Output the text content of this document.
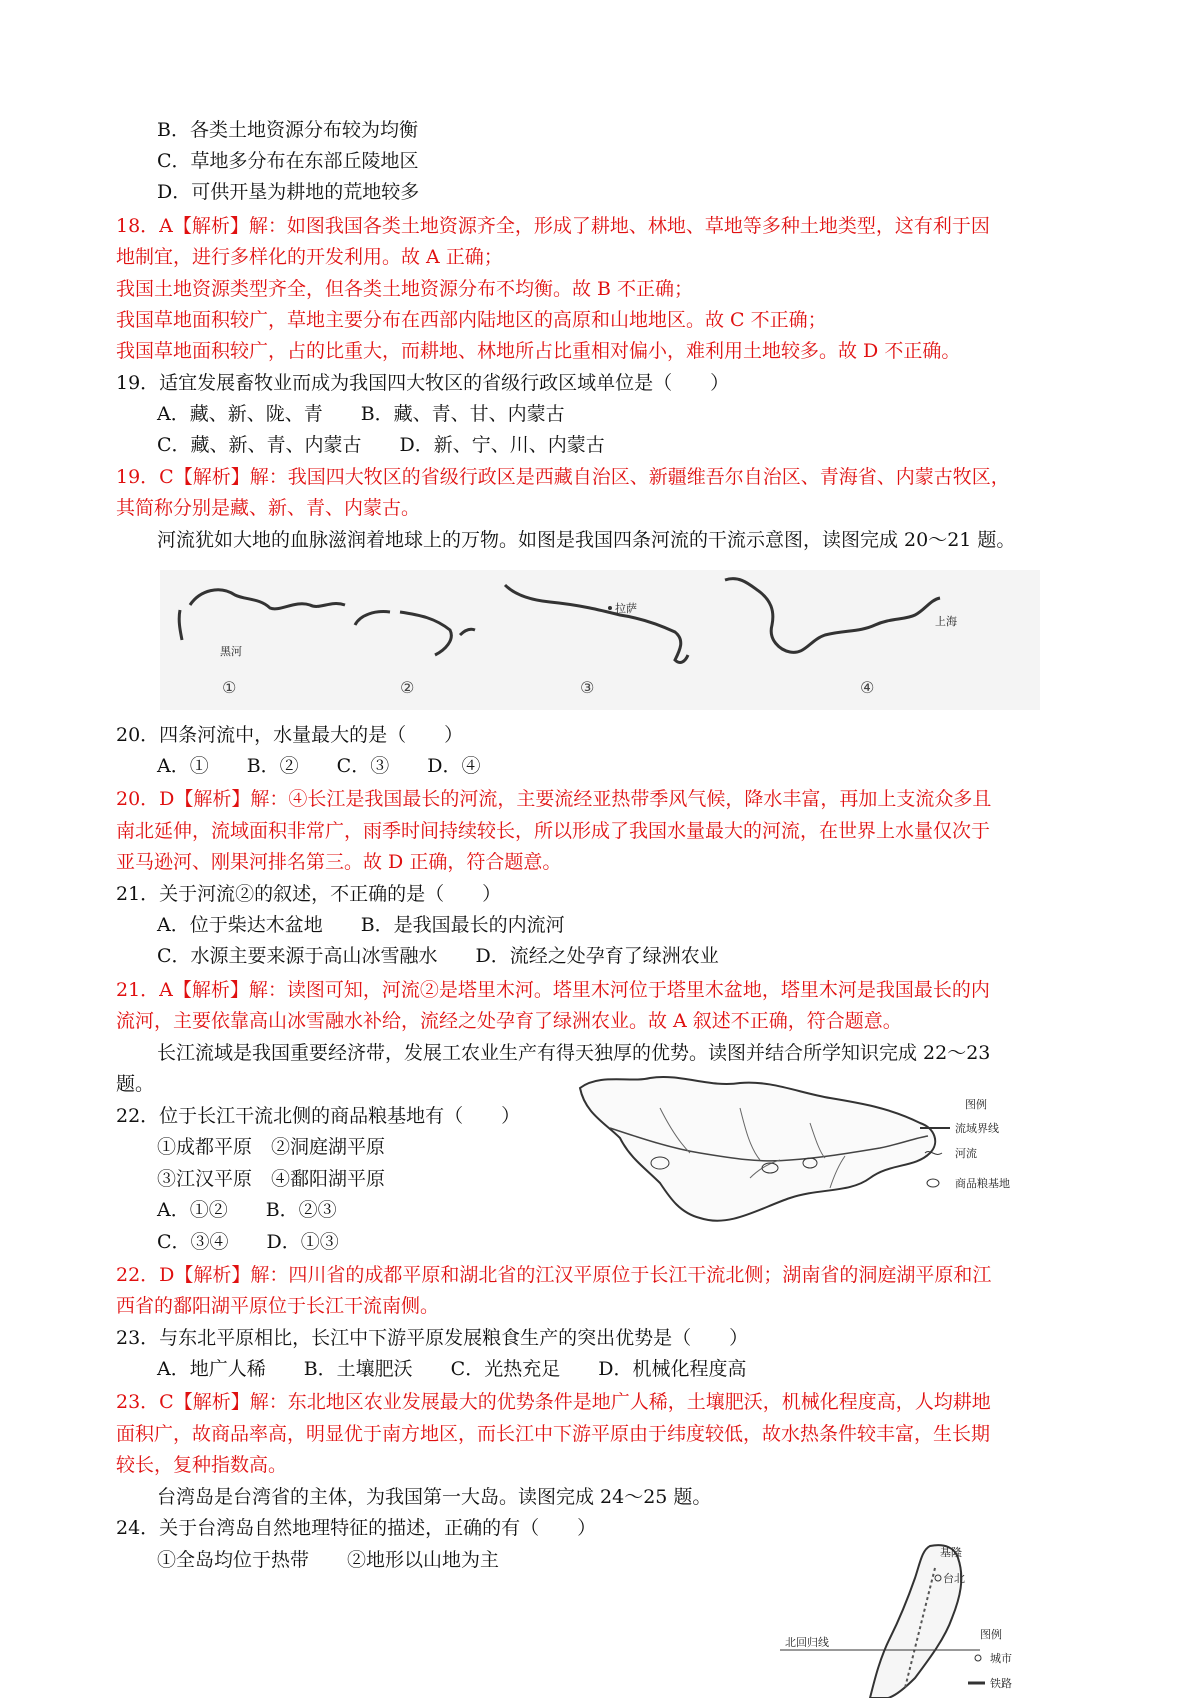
B．各类土地资源分布较为均衡
C．草地多分布在东部丘陵地区
D．可供开垦为耕地的荒地较多
18．A【解析】解：如图我国各类土地资源齐全，形成了耕地、林地、草地等多种土地类型，这有利于因
地制宜，进行多样化的开发利用。故 A 正确；
我国土地资源类型齐全，但各类土地资源分布不均衡。故 B 不正确；
我国草地面积较广，草地主要分布在西部内陆地区的高原和山地地区。故 C 不正确；
我国草地面积较广，占的比重大，而耕地、林地所占比重相对偏小，难利用土地较多。故 D 不正确。
19．适宜发展畜牧业而成为我国四大牧区的省级行政区域单位是（　　）
A．藏、新、陇、青　　B．藏、青、甘、内蒙古
C．藏、新、青、内蒙古　　D．新、宁、川、内蒙古
19．C【解析】解：我国四大牧区的省级行政区是西藏自治区、新疆维吾尔自治区、青海省、内蒙古牧区，
其简称分别是藏、新、青、内蒙古。
河流犹如大地的血脉滋润着地球上的万物。如图是我国四条河流的干流示意图，读图完成 20～21 题。
黑河
①	②
拉萨
③
上海
④
20．四条河流中，水量最大的是（　　）
A．①　　B．②　　C．③　　D．④
20．D【解析】解：④长江是我国最长的河流，主要流经亚热带季风气候，降水丰富，再加上支流众多且
南北延伸，流域面积非常广，雨季时间持续较长，所以形成了我国水量最大的河流，在世界上水量仅次于
亚马逊河、刚果河排名第三。故 D 正确，符合题意。
21．关于河流②的叙述，不正确的是（　　）
A．位于柴达木盆地　　B．是我国最长的内流河
C．水源主要来源于高山冰雪融水　　D．流经之处孕育了绿洲农业
21．A【解析】解：读图可知，河流②是塔里木河。塔里木河位于塔里木盆地，塔里木河是我国最长的内
流河，主要依靠高山冰雪融水补给，流经之处孕育了绿洲农业。故 A 叙述不正确，符合题意。
长江流域是我国重要经济带，发展工农业生产有得天独厚的优势。读图并结合所学知识完成 22～23
题。
图例
流域界线
河流
商品粮基地
22．位于长江干流北侧的商品粮基地有（　　）
①成都平原　②洞庭湖平原
③江汉平原　④鄱阳湖平原
A．①②　　B．②③
C．③④　　D．①③
22．D【解析】解：四川省的成都平原和湖北省的江汉平原位于长江干流北侧；湖南省的洞庭湖平原和江
西省的鄱阳湖平原位于长江干流南侧。
23．与东北平原相比，长江中下游平原发展粮食生产的突出优势是（　　）
A．地广人稀　　B．土壤肥沃　　C．光热充足　　D．机械化程度高
23．C【解析】解：东北地区农业发展最大的优势条件是地广人稀，土壤肥沃，机械化程度高，人均耕地
面积广，故商品率高，明显优于南方地区，而长江中下游平原由于纬度较低，故水热条件较丰富，生长期
较长，复种指数高。
台湾岛是台湾省的主体，为我国第一大岛。读图完成 24～25 题。
24．关于台湾岛自然地理特征的描述，正确的有（　　）
①全岛均位于热带　　②地形以山地为主	基隆
台北
北回归线
图例
城市
铁路
